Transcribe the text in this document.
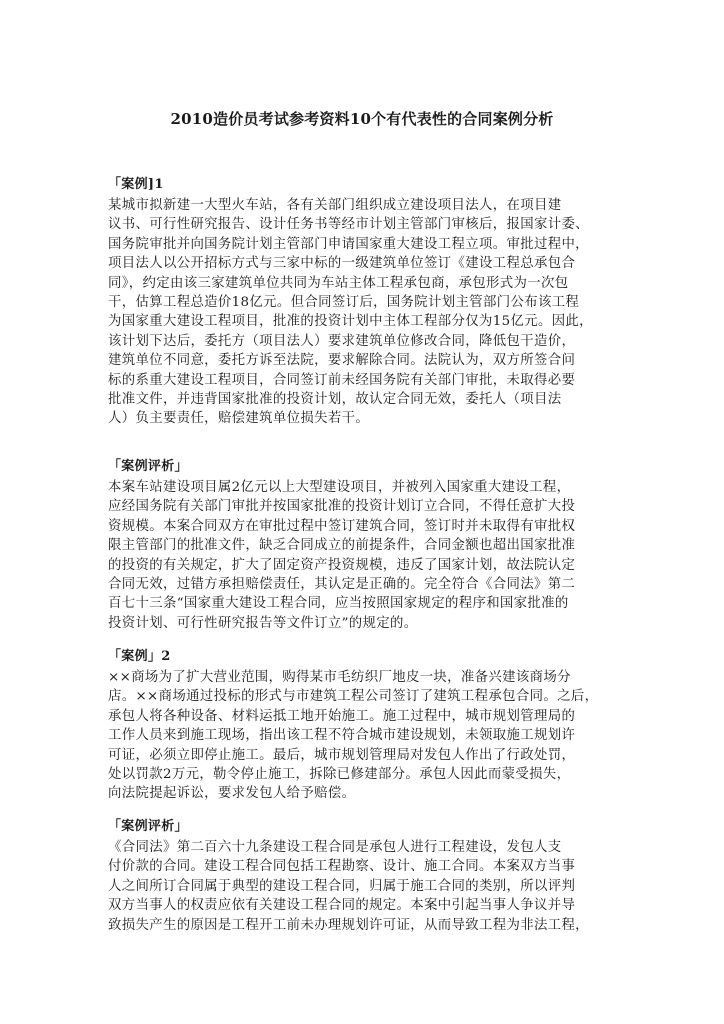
2010造价员考试参考资料10个有代表性的合同案例分析
「案例]1

某城市拟新建一大型火车站，各有关部门组织成立建设项目法人，在项目建

议书、可行性研究报告、设计任务书等经市计划主管部门审核后，报国家计委、

国务院审批并向国务院计划主管部门申请国家重大建设工程立项。审批过程中，

项目法人以公开招标方式与三家中标的一级建筑单位签订《建设工程总承包合

同》，约定由该三家建筑单位共同为车站主体工程承包商，承包形式为一次包

干，估算工程总造价18亿元。但合同签订后，国务院计划主管部门公布该工程

为国家重大建设工程项目，批准的投资计划中主体工程部分仅为15亿元。因此，

该计划下达后，委托方（项目法人）要求建筑单位修改合同，降低包干造价，

建筑单位不同意，委托方诉至法院，要求解除合同。法院认为，双方所签合问

标的系重大建设工程项目，合同签订前未经国务院有关部门审批，未取得必要

批准文件，并违背国家批准的投资计划，故认定合同无效，委托人（项目法

人）负主要责任，赔偿建筑单位损失若干。

「案例评析」

本案车站建设项目属2亿元以上大型建设项目，并被列入国家重大建设工程，

应经国务院有关部门审批并按国家批准的投资计划订立合同，不得任意扩大投

资规模。本案合同双方在审批过程中签订建筑合同，签订时并未取得有审批权

限主管部门的批准文件，缺乏合同成立的前提条件，合同金额也超出国家批准

的投资的有关规定，扩大了固定资产投资规模，违反了国家计划，故法院认定

合同无效，过错方承担赔偿责任，其认定是正确的。完全符合《合同法》第二

百七十三条“国家重大建设工程合同，应当按照国家规定的程序和国家批准的

投资计划、可行性研究报告等文件订立”的规定的。

「案例」2

××商场为了扩大营业范围，购得某市毛纺织厂地皮一块，准备兴建该商场分

店。××商场通过投标的形式与市建筑工程公司签订了建筑工程承包合同。之后，

承包人将各种设备、材料运抵工地开始施工。施工过程中，城市规划管理局的

工作人员来到施工现场，指出该工程不符合城市建设规划，未领取施工规划许

可证，必须立即停止施工。最后，城市规划管理局对发包人作出了行政处罚，

处以罚款2万元，勒令停止施工，拆除已修建部分。承包人因此而蒙受损失，

向法院提起诉讼，要求发包人给予赔偿。

「案例评析」

《合同法》第二百六十九条建设工程合同是承包人进行工程建设，发包人支

付价款的合同。建设工程合同包括工程勘察、设计、施工合同。本案双方当事

人之间所订合同属于典型的建设工程合同，归属于施工合同的类别，所以评判

双方当事人的权责应依有关建设工程合同的规定。本案中引起当事人争议并导

致损失产生的原因是工程开工前未办理规划许可证，从而导致工程为非法工程，
